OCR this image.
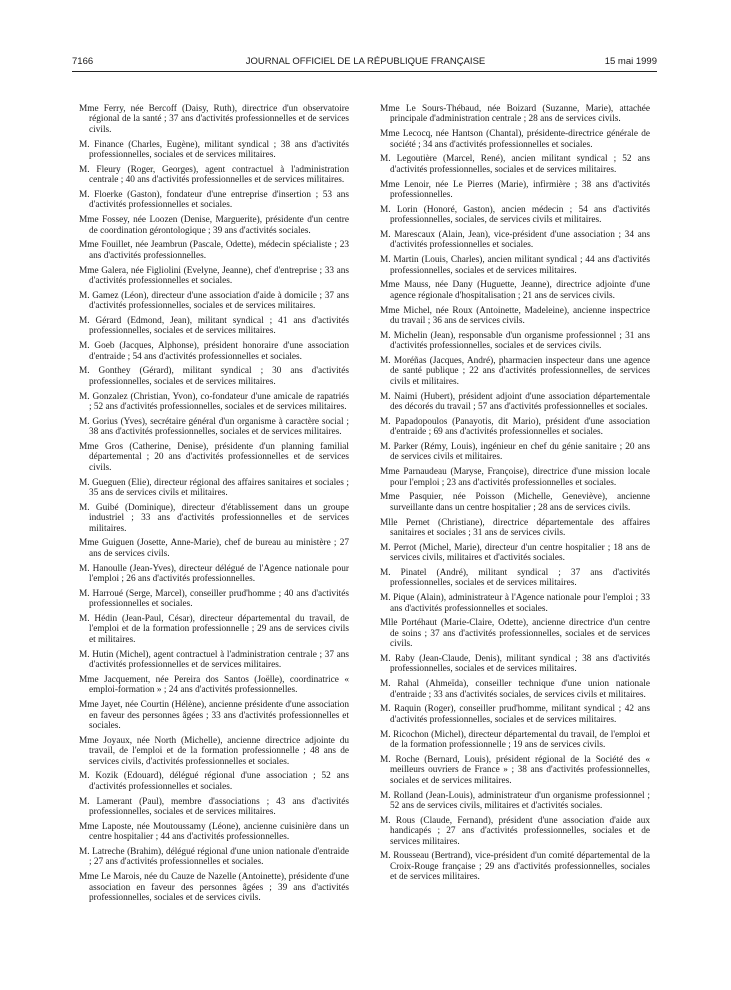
7166	JOURNAL OFFICIEL DE LA RÉPUBLIQUE FRANÇAISE	15 mai 1999

Mme Ferry, née Bercoff (Daisy, Ruth), directrice d'un observatoire régional de la santé ; 37 ans d'activités professionnelles et de services civils.

M. Finance (Charles, Eugène), militant syndical ; 38 ans d'activités professionnelles, sociales et de services militaires.

M. Fleury (Roger, Georges), agent contractuel à l'administration centrale ; 40 ans d'activités professionnelles et de services militaires.

M. Floerke (Gaston), fondateur d'une entreprise d'insertion ; 53 ans d'activités professionnelles et sociales.

Mme Fossey, née Loozen (Denise, Marguerite), présidente d'un centre de coordination gérontologique ; 39 ans d'activités sociales.

Mme Fouillet, née Jeambrun (Pascale, Odette), médecin spécialiste ; 23 ans d'activités professionnelles.

Mme Galera, née Figliolini (Evelyne, Jeanne), chef d'entreprise ; 33 ans d'activités professionnelles et sociales.

M. Gamez (Léon), directeur d'une association d'aide à domicile ; 37 ans d'activités professionnelles, sociales et de services militaires.

M. Gérard (Edmond, Jean), militant syndical ; 41 ans d'activités professionnelles, sociales et de services militaires.

M. Goeb (Jacques, Alphonse), président honoraire d'une association d'entraide ; 54 ans d'activités professionnelles et sociales.

M. Gonthey (Gérard), militant syndical ; 30 ans d'activités professionnelles, sociales et de services militaires.

M. Gonzalez (Christian, Yvon), co-fondateur d'une amicale de rapatriés ; 52 ans d'activités professionnelles, sociales et de services militaires.

M. Gorius (Yves), secrétaire général d'un organisme à caractère social ; 38 ans d'activités professionnelles, sociales et de services militaires.

Mme Gros (Catherine, Denise), présidente d'un planning familial départemental ; 20 ans d'activités professionnelles et de services civils.

M. Gueguen (Elie), directeur régional des affaires sanitaires et sociales ; 35 ans de services civils et militaires.

M. Guibé (Dominique), directeur d'établissement dans un groupe industriel ; 33 ans d'activités professionnelles et de services militaires.

Mme Guiguen (Josette, Anne-Marie), chef de bureau au ministère ; 27 ans de services civils.

M. Hanoulle (Jean-Yves), directeur délégué de l'Agence nationale pour l'emploi ; 26 ans d'activités professionnelles.

M. Harroué (Serge, Marcel), conseiller prud'homme ; 40 ans d'activités professionnelles et sociales.

M. Hédin (Jean-Paul, César), directeur départemental du travail, de l'emploi et de la formation professionnelle ; 29 ans de services civils et militaires.

M. Hutin (Michel), agent contractuel à l'administration centrale ; 37 ans d'activités professionnelles et de services militaires.

Mme Jacquement, née Pereira dos Santos (Joëlle), coordinatrice « emploi-formation » ; 24 ans d'activités professionnelles.

Mme Jayet, née Courtin (Hélène), ancienne présidente d'une association en faveur des personnes âgées ; 33 ans d'activités professionnelles et sociales.

Mme Joyaux, née North (Michelle), ancienne directrice adjointe du travail, de l'emploi et de la formation professionnelle ; 48 ans de services civils, d'activités professionnelles et sociales.

M. Kozik (Edouard), délégué régional d'une association ; 52 ans d'activités professionnelles et sociales.

M. Lamerant (Paul), membre d'associations ; 43 ans d'activités professionnelles, sociales et de services militaires.

Mme Laposte, née Moutoussamy (Léone), ancienne cuisinière dans un centre hospitalier ; 44 ans d'activités professionnelles.

M. Latreche (Brahim), délégué régional d'une union nationale d'entraide ; 27 ans d'activités professionnelles et sociales.

Mme Le Marois, née du Cauze de Nazelle (Antoinette), présidente d'une association en faveur des personnes âgées ; 39 ans d'activités professionnelles, sociales et de services civils.

Mme Le Sours-Thébaud, née Boizard (Suzanne, Marie), attachée principale d'administration centrale ; 28 ans de services civils.

Mme Lecocq, née Hantson (Chantal), présidente-directrice générale de société ; 34 ans d'activités professionnelles et sociales.

M. Legoutière (Marcel, René), ancien militant syndical ; 52 ans d'activités professionnelles, sociales et de services militaires.

Mme Lenoir, née Le Pierres (Marie), infirmière ; 38 ans d'activités professionnelles.

M. Lorin (Honoré, Gaston), ancien médecin ; 54 ans d'activités professionnelles, sociales, de services civils et militaires.

M. Marescaux (Alain, Jean), vice-président d'une association ; 34 ans d'activités professionnelles et sociales.

M. Martin (Louis, Charles), ancien militant syndical ; 44 ans d'activités professionnelles, sociales et de services militaires.

Mme Mauss, née Dany (Huguette, Jeanne), directrice adjointe d'une agence régionale d'hospitalisation ; 21 ans de services civils.

Mme Michel, née Roux (Antoinette, Madeleine), ancienne inspectrice du travail ; 36 ans de services civils.

M. Michelin (Jean), responsable d'un organisme professionnel ; 31 ans d'activités professionnelles, sociales et de services civils.

M. Moréñas (Jacques, André), pharmacien inspecteur dans une agence de santé publique ; 22 ans d'activités professionnelles, de services civils et militaires.

M. Naimi (Hubert), président adjoint d'une association départementale des décorés du travail ; 57 ans d'activités professionnelles et sociales.

M. Papadopoulos (Panayotis, dit Mario), président d'une association d'entraide ; 69 ans d'activités professionnelles et sociales.

M. Parker (Rémy, Louis), ingénieur en chef du génie sanitaire ; 20 ans de services civils et militaires.

Mme Parnaudeau (Maryse, Françoise), directrice d'une mission locale pour l'emploi ; 23 ans d'activités professionnelles et sociales.

Mme Pasquier, née Poisson (Michelle, Geneviève), ancienne surveillante dans un centre hospitalier ; 28 ans de services civils.

Mlle Pernet (Christiane), directrice départementale des affaires sanitaires et sociales ; 31 ans de services civils.

M. Perrot (Michel, Marie), directeur d'un centre hospitalier ; 18 ans de services civils, militaires et d'activités sociales.

M. Pinatel (André), militant syndical ; 37 ans d'activités professionnelles, sociales et de services militaires.

M. Pique (Alain), administrateur à l'Agence nationale pour l'emploi ; 33 ans d'activités professionnelles et sociales.

Mlle Portéhaut (Marie-Claire, Odette), ancienne directrice d'un centre de soins ; 37 ans d'activités professionnelles, sociales et de services civils.

M. Raby (Jean-Claude, Denis), militant syndical ; 38 ans d'activités professionnelles, sociales et de services militaires.

M. Rahal (Ahmeïda), conseiller technique d'une union nationale d'entraide ; 33 ans d'activités sociales, de services civils et militaires.

M. Raquin (Roger), conseiller prud'homme, militant syndical ; 42 ans d'activités professionnelles, sociales et de services militaires.

M. Ricochon (Michel), directeur départemental du travail, de l'emploi et de la formation professionnelle ; 19 ans de services civils.

M. Roche (Bernard, Louis), président régional de la Société des « meilleurs ouvriers de France » ; 38 ans d'activités professionnelles, sociales et de services militaires.

M. Rolland (Jean-Louis), administrateur d'un organisme professionnel ; 52 ans de services civils, militaires et d'activités sociales.

M. Rous (Claude, Fernand), président d'une association d'aide aux handicapés ; 27 ans d'activités professionnelles, sociales et de services militaires.

M. Rousseau (Bertrand), vice-président d'un comité départemental de la Croix-Rouge française ; 29 ans d'activités professionnelles, sociales et de services militaires.
